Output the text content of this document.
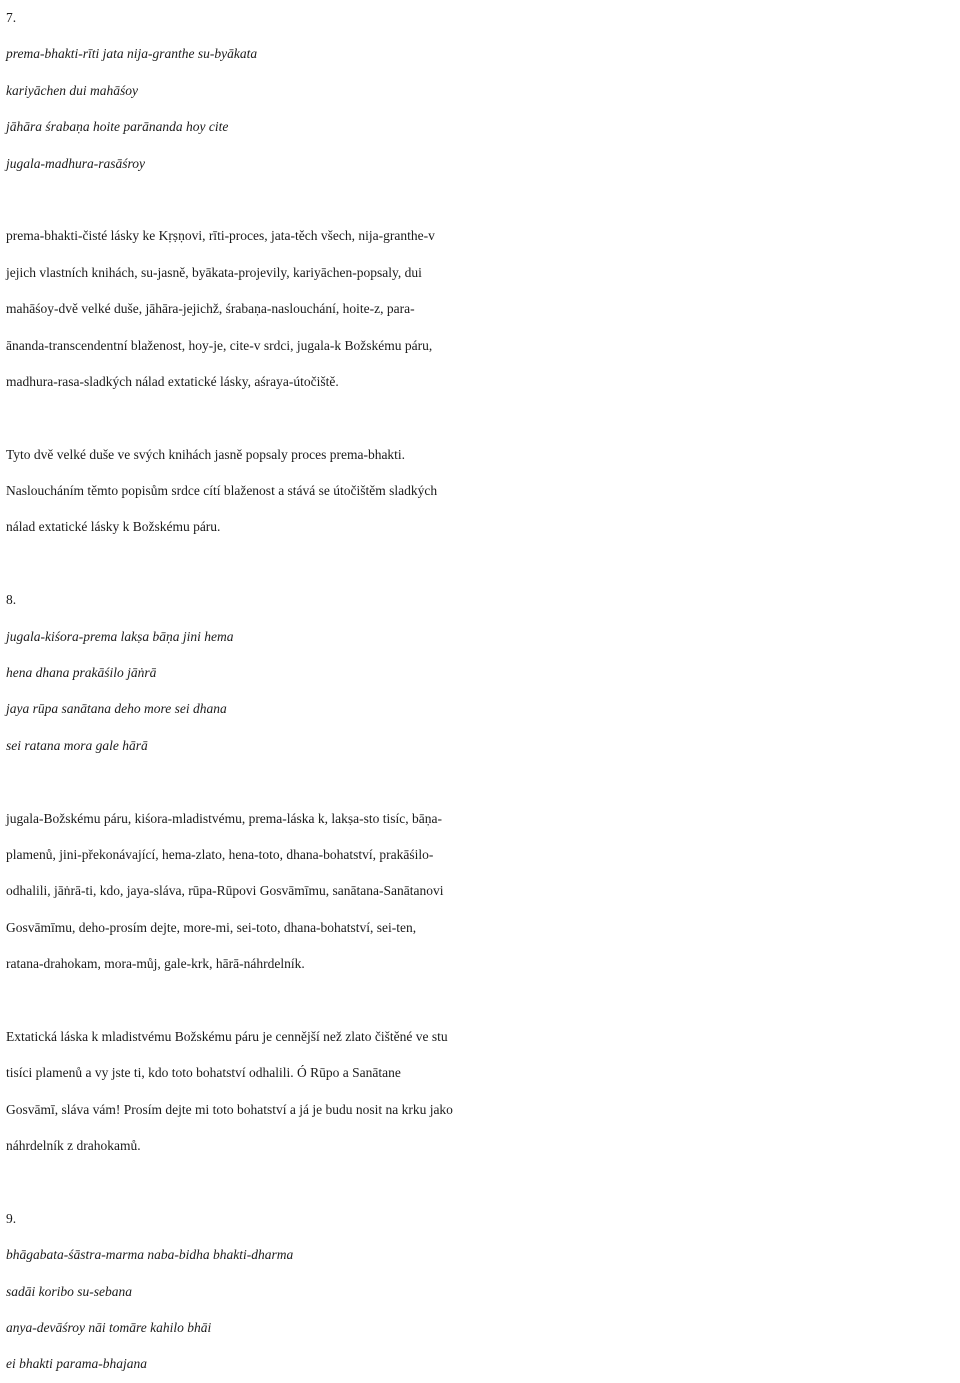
7.
prema-bhakti-rīti jata nija-granthe su-byākata
kariyāchen dui mahāśoy
jāhāra śrabaṇa hoite parānanda hoy cite
jugala-madhura-rasāśroy
prema-bhakti-čisté lásky ke Kṛṣṇovi, rīti-proces, jata-těch všech, nija-granthe-v
jejich vlastních knihách, su-jasně, byākata-projevily, kariyāchen-popsaly, dui
mahāśoy-dvě velké duše, jāhāra-jejichž, śrabaṇa-naslouchání, hoite-z, para-
ānanda-transcendentní blaženost, hoy-je, cite-v srdci, jugala-k Božskému páru,
madhura-rasa-sladkých nálad extatické lásky, aśraya-útočiště.
Tyto dvě velké duše ve svých knihách jasně popsaly proces prema-bhakti.
Nasloucháním těmto popisům srdce cítí blaženost a stává se útočištěm sladkých
nálad extatické lásky k Božskému páru.
8.
jugala-kiśora-prema lakṣa bāṇa jini hema
hena dhana prakāśilo jāṅrā
jaya rūpa sanātana deho more sei dhana
sei ratana mora gale hārā
jugala-Božskému páru, kiśora-mladistvému, prema-láska k, lakṣa-sto tisíc, bāṇa-
plamenů, jini-překonávající, hema-zlato, hena-toto, dhana-bohatství, prakāśilo-
odhalili, jāṅrā-ti, kdo, jaya-sláva, rūpa-Rūpovi Gosvāmīmu, sanātana-Sanātanovi
Gosvāmīmu, deho-prosím dejte, more-mi, sei-toto, dhana-bohatství, sei-ten,
ratana-drahokam, mora-můj, gale-krk, hārā-náhrdelník.
Extatická láska k mladistvému Božskému páru je cennější než zlato čištěné ve stu
tisíci plamenů a vy jste ti, kdo toto bohatství odhalili. Ó Rūpo a Sanātane
Gosvāmī, sláva vám! Prosím dejte mi toto bohatství a já je budu nosit na krku jako
náhrdelník z drahokamů.
9.
bhāgabata-śāstra-marma naba-bidha bhakti-dharma
sadāi koribo su-sebana
anya-devāśroy nāi tomāre kahilo bhāi
ei bhakti parama-bhajana
